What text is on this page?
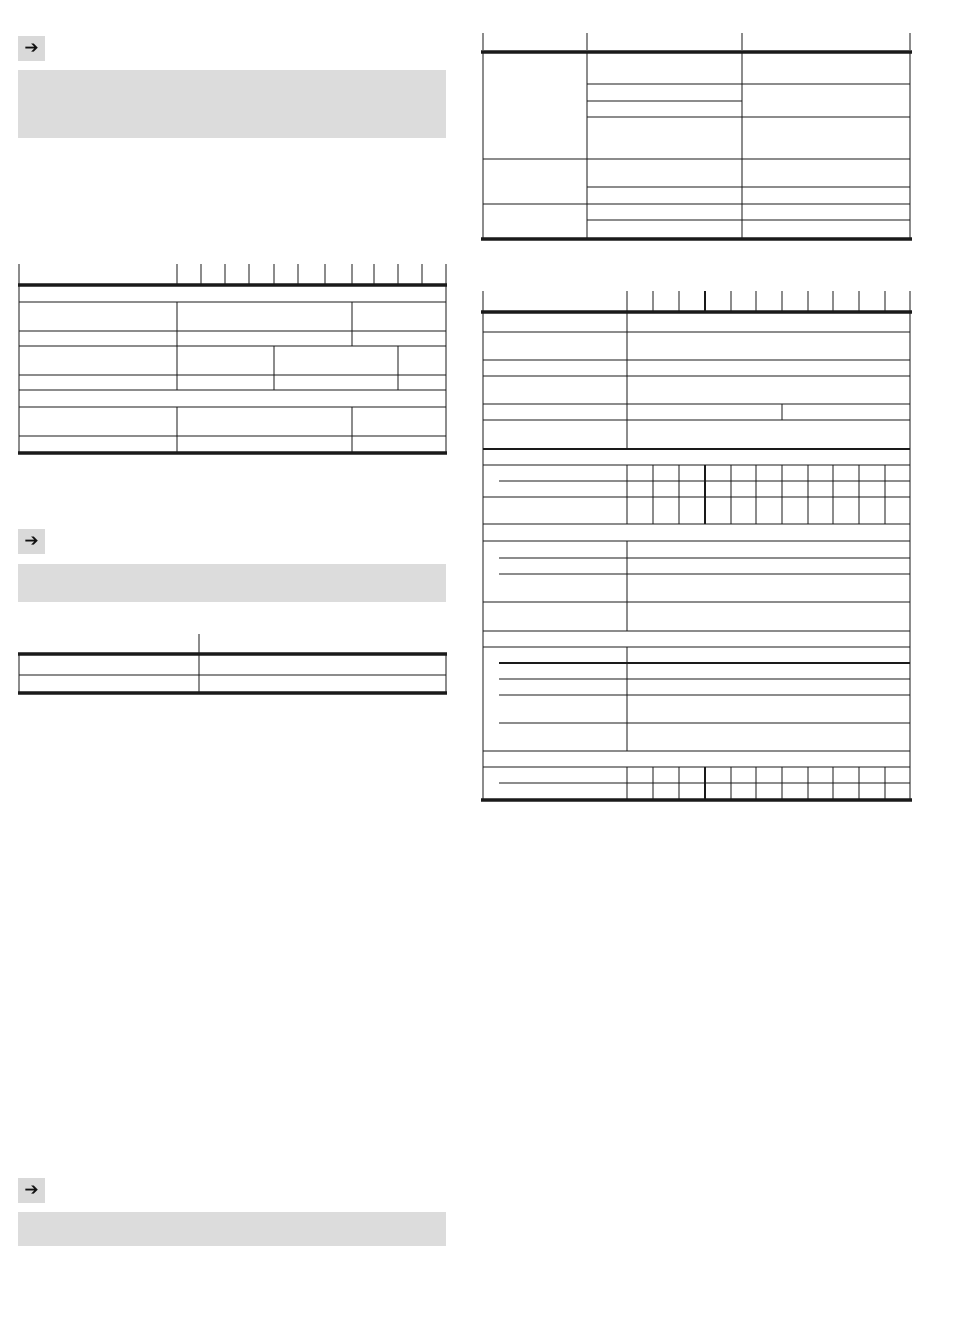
➔
➔
➔
